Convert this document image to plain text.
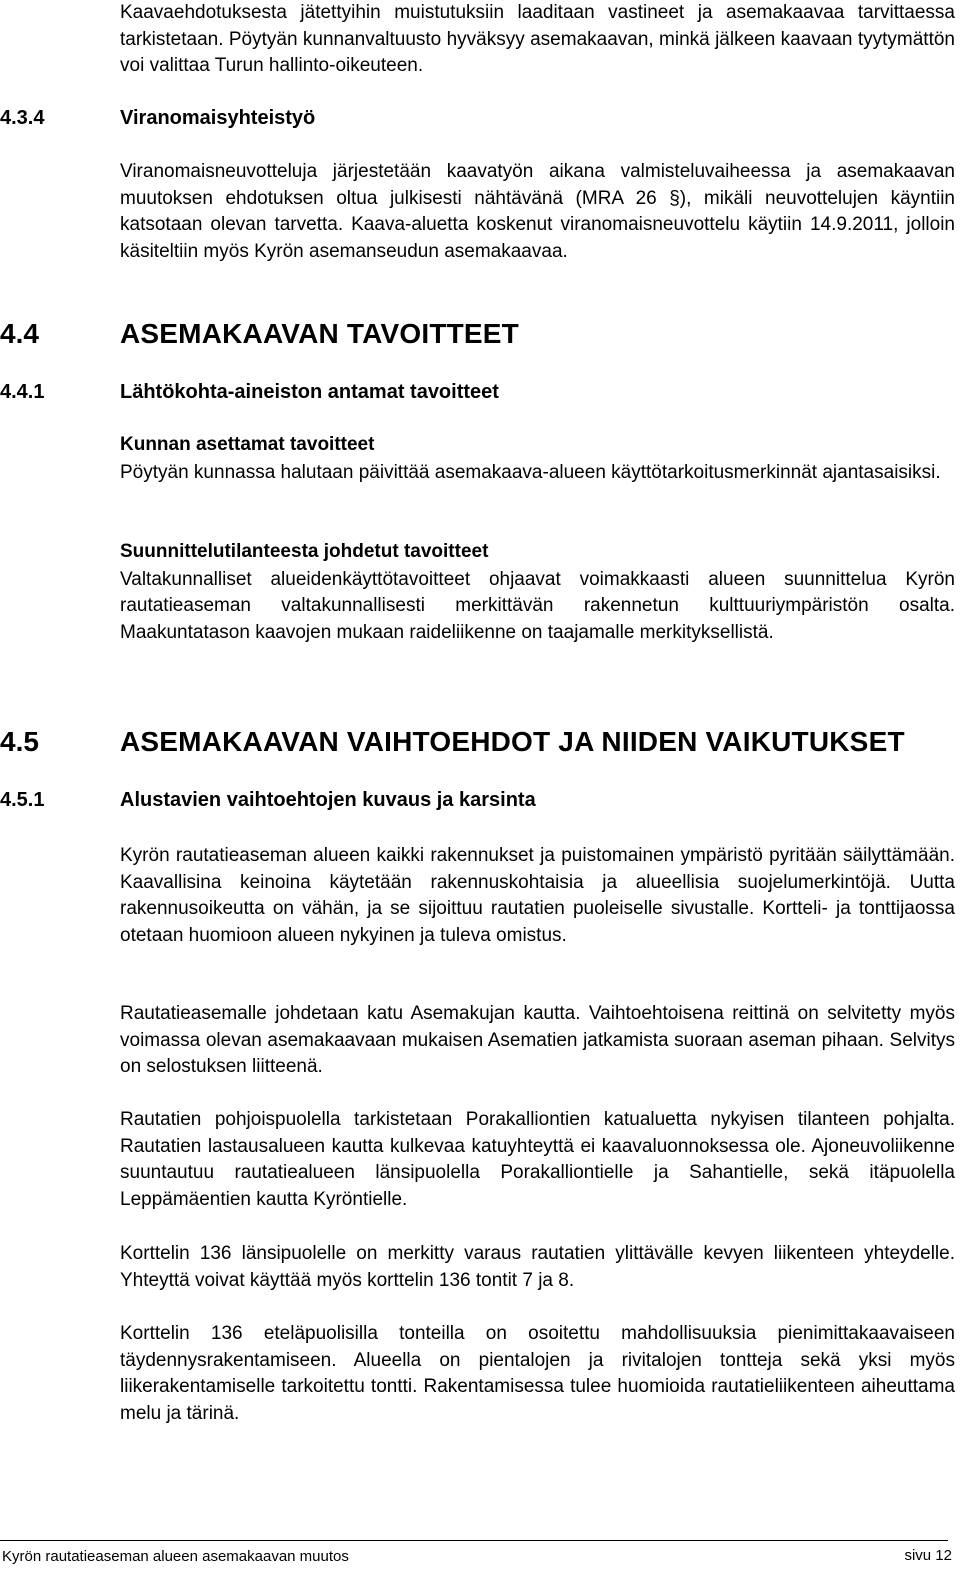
Kaavaehdotuksesta jätettyihin muistutuksiin laaditaan vastineet ja asemakaavaa tarvittaessa tarkistetaan. Pöytyän kunnanvaltuusto hyväksyy asemakaavan, minkä jälkeen kaavaan tyytymättön voi valittaa Turun hallinto-oikeuteen.

4.3.4	Viranomaisyhteistyö

Viranomaisneuvotteluja järjestetään kaavatyön aikana valmisteluvaiheessa ja asemakaavan muutoksen ehdotuksen oltua julkisesti nähtävänä (MRA 26 §), mikäli neuvottelujen käyntiin katsotaan olevan tarvetta. Kaava-aluetta koskenut viranomaisneuvottelu käytiin 14.9.2011, jolloin käsiteltiin myös Kyrön asemanseudun asemakaavaa.

4.4	ASEMAKAAVAN TAVOITTEET
4.4.1	Lähtökohta-aineiston antamat tavoitteet

Kunnan asettamat tavoitteet

Pöytyän kunnassa halutaan päivittää asemakaava-alueen käyttötarkoitusmerkinnät ajantasaisiksi.

Suunnittelutilanteesta johdetut tavoitteet

Valtakunnalliset alueidenkäyttötavoitteet ohjaavat voimakkaasti alueen suunnittelua Kyrön rautatieaseman valtakunnallisesti merkittävän rakennetun kulttuuriympäristön osalta. Maakuntatason kaavojen mukaan raideliikenne on taajamalle merkityksellistä.

4.5	ASEMAKAAVAN VAIHTOEHDOT JA NIIDEN VAIKUTUKSET
4.5.1	Alustavien vaihtoehtojen kuvaus ja karsinta

Kyrön rautatieaseman alueen kaikki rakennukset ja puistomainen ympäristö pyritään säilyttämään. Kaavallisina keinoina käytetään rakennuskohtaisia ja alueellisia suojelumerkintöjä. Uutta rakennusoikeutta on vähän, ja se sijoittuu rautatien puoleiselle sivustalle. Kortteli- ja tonttijaossa otetaan huomioon alueen nykyinen ja tuleva omistus.

Rautatieasemalle johdetaan katu Asemakujan kautta. Vaihtoehtoisena reittinä on selvitetty myös voimassa olevan asemakaavaan mukaisen Asematien jatkamista suoraan aseman pihaan. Selvitys on selostuksen liitteenä.

Rautatien pohjoispuolella tarkistetaan Porakalliontien katualuetta nykyisen tilanteen pohjalta. Rautatien lastausalueen kautta kulkevaa katuyhteyttä ei kaavaluonnoksessa ole. Ajoneuvoliikenne suuntautuu rautatiealueen länsipuolella Porakalliontielle ja Sahantielle, sekä itäpuolella Leppämäentien kautta Kyröntielle.

Korttelin 136 länsipuolelle on merkitty varaus rautatien ylittävälle kevyen liikenteen yhteydelle. Yhteyttä voivat käyttää myös korttelin 136 tontit 7 ja 8.

Korttelin 136 eteläpuolisilla tonteilla on osoitettu mahdollisuuksia pienimittakaavaiseen täydennysrakentamiseen. Alueella on pientalojen ja rivitalojen tontteja sekä yksi myös liikerakentamiselle tarkoitettu tontti. Rakentamisessa tulee huomioida rautatieliikenteen aiheuttama melu ja tärinä.

Kyrön rautatieaseman alueen asemakaavan muutos	sivu 12
